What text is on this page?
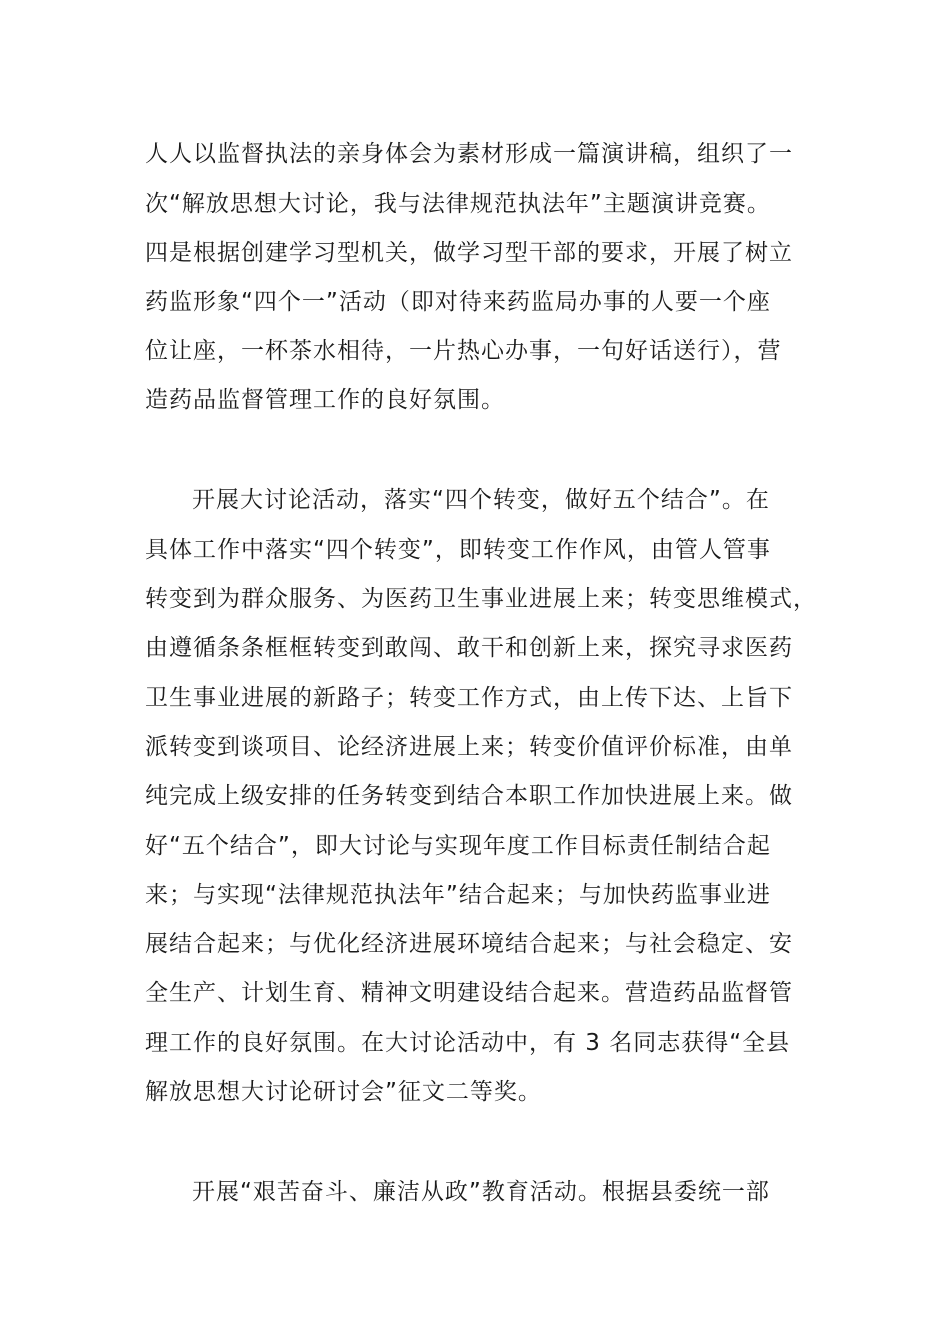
人人以监督执法的亲身体会为素材形成一篇演讲稿，组织了一
次“解放思想大讨论，我与法律规范执法年”主题演讲竞赛。
四是根据创建学习型机关，做学习型干部的要求，开展了树立
药监形象“四个一”活动（即对待来药监局办事的人要一个座
位让座，一杯茶水相待，一片热心办事，一句好话送行），营
造药品监督管理工作的良好氛围。
开展大讨论活动，落实“四个转变，做好五个结合”。在
具体工作中落实“四个转变”，即转变工作作风，由管人管事
转变到为群众服务、为医药卫生事业进展上来；转变思维模式，
由遵循条条框框转变到敢闯、敢干和创新上来，探究寻求医药
卫生事业进展的新路子；转变工作方式，由上传下达、上旨下
派转变到谈项目、论经济进展上来；转变价值评价标准，由单
纯完成上级安排的任务转变到结合本职工作加快进展上来。做
好“五个结合”，即大讨论与实现年度工作目标责任制结合起
来；与实现“法律规范执法年”结合起来；与加快药监事业进
展结合起来；与优化经济进展环境结合起来；与社会稳定、安
全生产、计划生育、精神文明建设结合起来。营造药品监督管
理工作的良好氛围。在大讨论活动中，有 3 名同志获得“全县
解放思想大讨论研讨会”征文二等奖。
开展“艰苦奋斗、廉洁从政”教育活动。根据县委统一部
